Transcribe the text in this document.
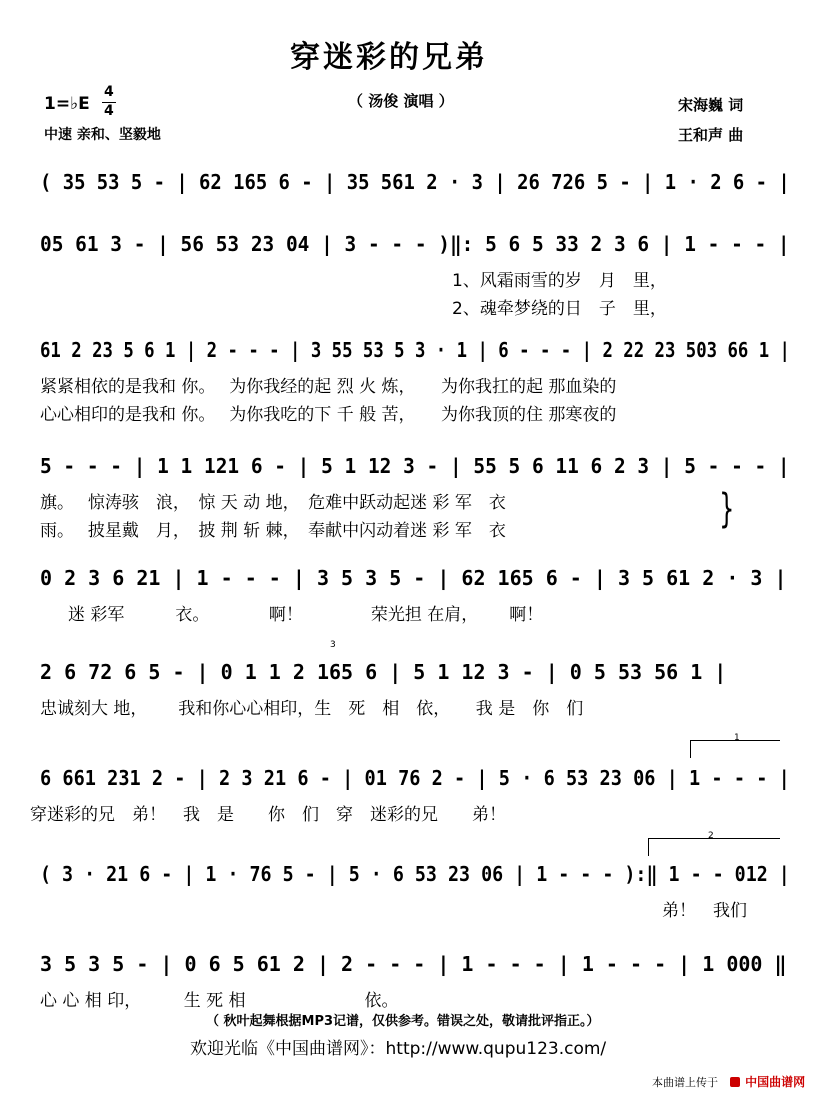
穿迷彩的兄弟
（ 汤俊 演唱 ）
1=♭E
4
4
中速 亲和、坚毅地
宋海巍 词
王和声 曲
( 35 53 5 - | 62 165 6 - | 35 561 2 · 3 | 26 726 5 - | 1 · 2 6 - |
05 61 3 - | 56 53 23 04 | 3 - - - )‖: 5 6 5 33 2 3 6 | 1 - - - |
1、风霜雨雪的岁　月　里，
2、魂牵梦绕的日　子　里，
61 2 23 5 6 1 | 2 - - - | 3 55 53 5 3 · 1 | 6 - - - | 2 22 23 503 66 1 |
紧紧相依的是我和 你。　 为你我经的起 烈 火 炼，　　为你我扛的起 那血染的
心心相印的是我和 你。　 为你我吃的下 千 般 苦，　　为你我顶的住 那寒夜的
5 - - - | 1 1 121 6 - | 5 1 12 3 - | 55 5 6 11 6 2 3 | 5 - - - |
旗。　 惊涛骇　浪，　惊 天 动 地，　危难中跃动起迷 彩 军　衣
雨。　 披星戴　月，　披 荆 斩 棘，　奉献中闪动着迷 彩 军　衣	}
0 2 3 6 21 | 1 - - - | 3 5 3 5 - | 62 165 6 - | 3 5 61 2 · 3 |
迷 彩军　　　衣。　　　　啊！　　　　荣光担 在肩，　　 啊！
3
2 6 72 6 5 - | 0 1 1 2 165 6 | 5 1 12 3 - | 0 5 53 56 1 |
忠诚刻大 地，　　 我和你心心相印，生　死　相　依，　　我 是　你　们
1
6 661 231 2 - | 2 3 21 6 - | 01 76 2 - | 5 · 6 53 23 06 | 1 - - - |
穿迷彩的兄　弟！　我　是　　你　们　穿　迷彩的兄　　弟！
2
( 3 · 21 6 - | 1 · 76 5 - | 5 · 6 53 23 06 | 1 - - - ):‖ 1 - - 012 |
弟！　我们
3 5 3 5 - | 0 6 5 61 2 | 2 - - - | 1 - - - | 1 - - - | 1 000 ‖
心 心 相 印，　　　生 死 相　　　　　　　依。
（ 秋叶起舞根据MP3记谱，仅供参考。错误之处，敬请批评指正。）
欢迎光临《中国曲谱网》：http://www.qupu123.com/
本曲谱上传于	中国曲谱网
